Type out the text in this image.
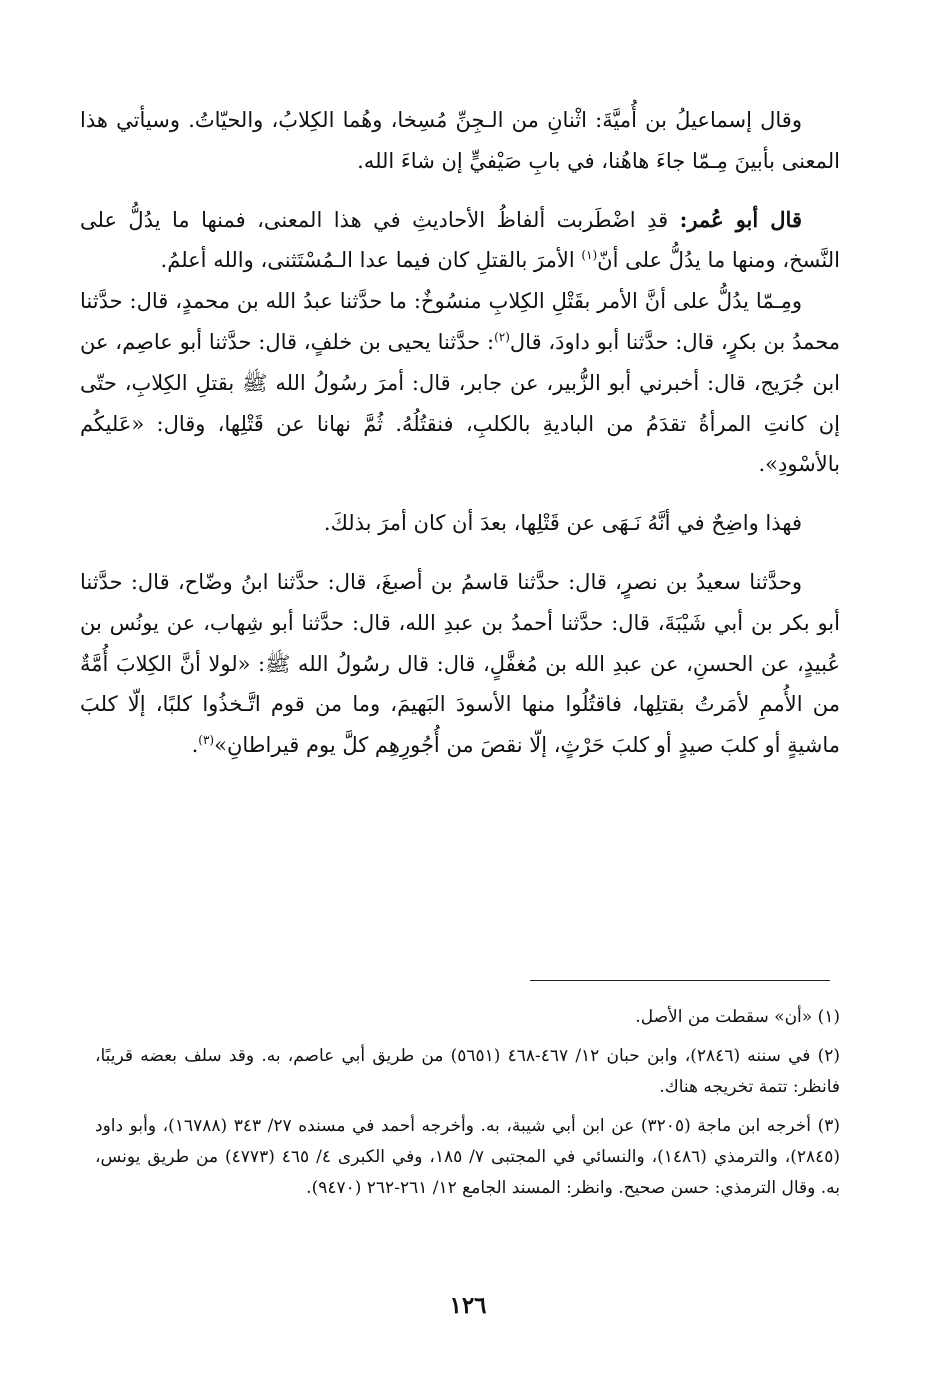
وقال إسماعيلُ بن أُميَّةَ: اثْنانِ من الـجِنِّ مُسِخا، وهُما الكِلابُ، والحيّاتُ. وسيأتي هذا المعنى بأبينَ مِـمّا جاءَ هاهُنا، في بابِ صَيْفيٍّ إن شاءَ الله.

قال أبو عُمر: قدِ اضْطَربت ألفاظُ الأحاديثِ في هذا المعنى، فمنها ما يدُلُّ على النَّسخ، ومنها ما يدُلُّ على أنّ$^{(١)}$ الأمرَ بالقتلِ كان فيما عدا الـمُسْتَثنى، والله أعلمُ.

ومِـمّا يدُلُّ على أنَّ الأمر بقَتْلِ الكِلابِ منسُوخٌ: ما حدَّثنا عبدُ الله بن محمدٍ، قال: حدَّثنا محمدُ بن بكرٍ، قال: حدَّثنا أبو داودَ، قال$^{(٢)}$: حدَّثنا يحيى بن خلفٍ، قال: حدَّثنا أبو عاصِم، عن ابن جُرَيج، قال: أخبرني أبو الزُّبير، عن جابر، قال: أمرَ رسُولُ الله ﷺ بقتلِ الكِلابِ، حتّى إن كانتِ المرأةُ تقدَمُ من الباديةِ بالكلبِ، فنقتُلُهُ. ثُمَّ نهانا عن قَتْلِها، وقال: «عَليكُم بالأسْودِ».

فهذا واضِحٌ في أنَّهُ نَـهَى عن قَتْلِها، بعدَ أن كان أمرَ بذلكَ.

وحدَّثنا سعيدُ بن نصرٍ، قال: حدَّثنا قاسمُ بن أصبغَ، قال: حدَّثنا ابنُ وضّاح، قال: حدَّثنا أبو بكر بن أبي شَيْبَةَ، قال: حدَّثنا أحمدُ بن عبدِ الله، قال: حدَّثنا أبو شِهاب، عن يونُس بن عُبيدٍ، عن الحسنِ، عن عبدِ الله بن مُغفَّلٍ، قال: قال رسُولُ الله ﷺ: «لولا أنَّ الكِلابَ أُمَّةٌ من الأُممِ لأمَرتُ بقتلِها، فاقتُلُوا منها الأسودَ البَهيمَ، وما من قوم اتَّـخذُوا كلبًا، إلّا كلبَ ماشيةٍ أو كلبَ صيدٍ أو كلبَ حَرْثٍ، إلّا نقصَ من أُجُورِهِم كلَّ يوم قيراطانِ»$^{(٣)}$.

(١) «أن» سقطت من الأصل.

(٢) في سننه (٢٨٤٦)، وابن حبان ١٢/ ٤٦٧-٤٦٨ (٥٦٥١) من طريق أبي عاصم، به. وقد سلف بعضه قريبًا، فانظر: تتمة تخريجه هناك.

(٣) أخرجه ابن ماجة (٣٢٠٥) عن ابن أبي شيبة، به. وأخرجه أحمد في مسنده ٢٧/ ٣٤٣ (١٦٧٨٨)، وأبو داود (٢٨٤٥)، والترمذي (١٤٨٦)، والنسائي في المجتبى ٧/ ١٨٥، وفي الكبرى ٤/ ٤٦٥ (٤٧٧٣) من طريق يونس، به. وقال الترمذي: حسن صحيح. وانظر: المسند الجامع ١٢/ ٢٦١-٢٦٢ (٩٤٧٠).

١٢٦
